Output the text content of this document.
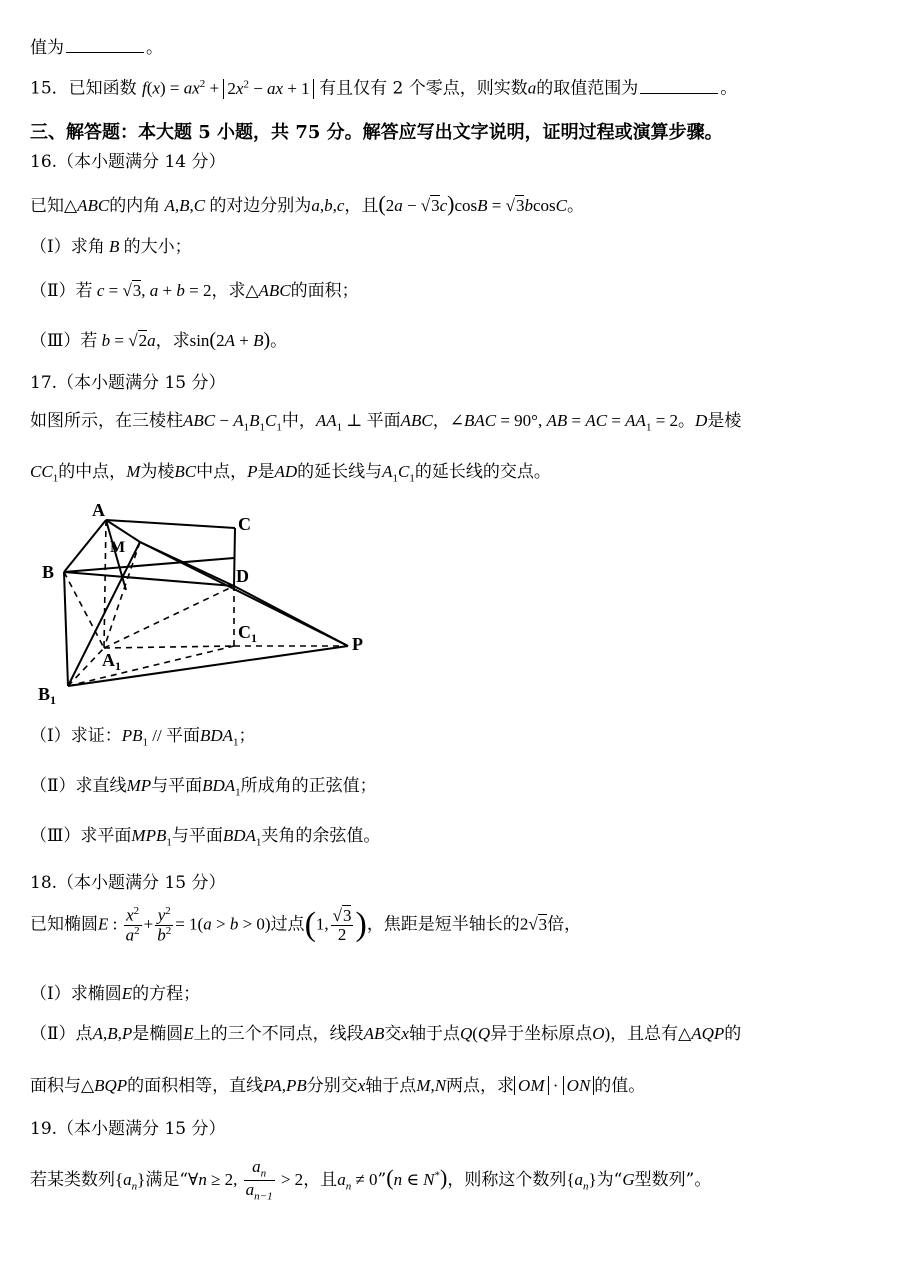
值为	。
15．已知函数 $f(x) = ax^2 + 2x^2$ − ax + 1 有且仅有 2 个零点，则实数a的取值范围为	。
三、解答题：本大题 5 小题，共 75 分。解答应写出文字说明，证明过程或演算步骤。
16.（本小题满分 14 分）
已知△ABC的内角 A,B,C 的对边分别为a,b,c，且(2a − √3c)cosB = √3bcosC。
（Ⅰ）求角 B 的大小；
（Ⅱ）若 c = √3, a + b = 2，求△ABC的面积；
（Ⅲ）若 b = √2a，求sin(2A + B)。
17.（本小题满分 15 分）
如图所示，在三棱柱ABC − $A_1B_1C_1$中，$AA_1$ ⊥ 平面ABC，∠BAC = 90°, AB = AC = $AA_1 = 2$。D是棱
$CC_1$的中点，M为棱BC中点，P是AD的延长线与$A_1C_1$的延长线的交点。
A
C
M
B	D
$C_1$
$A_1$
P
$B_1$
（Ⅰ）求证：$PB_1$ // 平面$BDA_1$；
（Ⅱ）求直线MP与平面$BDA_1$所成角的正弦值；
（Ⅲ）求平面$MPB_1$与平面$BDA_1$夹角的余弦值。
18.（本小题满分 15 分）
已知椭圆E : $\frac{x^2}{a^2} + \frac{y^2}{b^2} = 1(a > b > 0)$过点(1, $\frac{√3}{2}$ )，焦距是短半轴长的2√3倍，
（Ⅰ）求椭圆E的方程；
（Ⅱ）点A,B,P是椭圆E上的三个不同点，线段AB交x轴于点Q(Q异于坐标原点O)，且总有△AQP的
面积与△BQP的面积相等，直线PA,PB分别交x轴于点M,N两点，求 OM · ON 的值。
19.（本小题满分 15 分）
若某类数列$\{a_n\}$满足“∀n ≥ 2, $\frac{a_n}{a_{n-1}} > 2$，且$a_n$ ≠ 0”(n ∈ N*)，则称这个数列$\{a_n\}$为“G型数列”。
